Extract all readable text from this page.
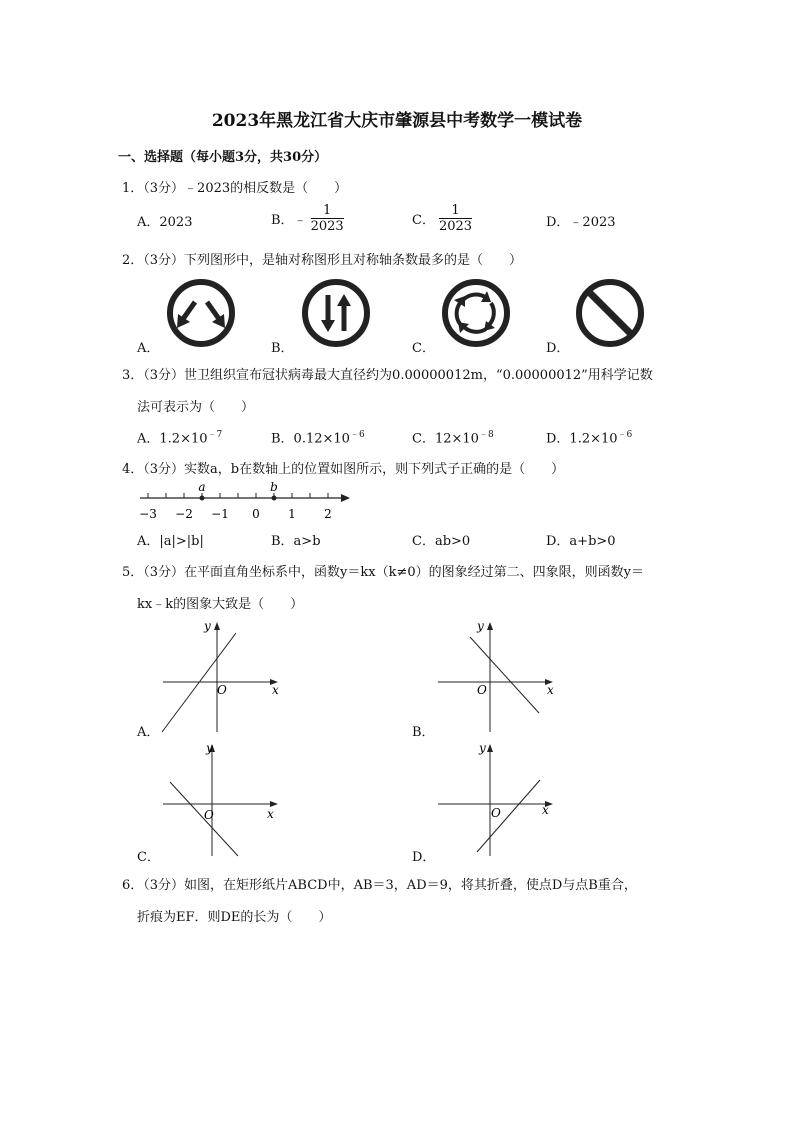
2023年黑龙江省大庆市肇源县中考数学一模试卷
一、选择题（每小题3分，共30分）
1．（3分）﹣2023的相反数是（　　）
A．2023	B．﹣ $\frac{1}{2023}$	C． $\frac{1}{2023}$	D．﹣2023
2．（3分）下列图形中，是轴对称图形且对称轴条数最多的是（　　）
A．	B．	C．	D．
3．（3分）世卫组织宣布冠状病毒最大直径约为0.00000012m，“0.00000012”用科学记数
法可表示为（　　）
A．$1.2\times 10^{﹣7}$	B．$0.12\times 10^{﹣6}$	C．$12\times 10^{﹣8}$	D．$1.2\times 10^{﹣6}$
4．（3分）实数a，b在数轴上的位置如图所示，则下列式子正确的是（　　）
−3 −2 −1 0 1 2
a	b
A．|a|>|b|	B．a>b	C．ab>0	D．a+b>0
5．（3分）在平面直角坐标系中，函数y＝kx（k≠0）的图象经过第二、四象限，则函数y＝
kx﹣k的图象大致是（　　）
x
y
O
A．
x
y
O
B．
x
y
O
C．
x
y
O
D．
6．（3分）如图，在矩形纸片ABCD中，AB＝3，AD＝9，将其折叠，使点D与点B重合，
折痕为EF．则DE的长为（　　）
